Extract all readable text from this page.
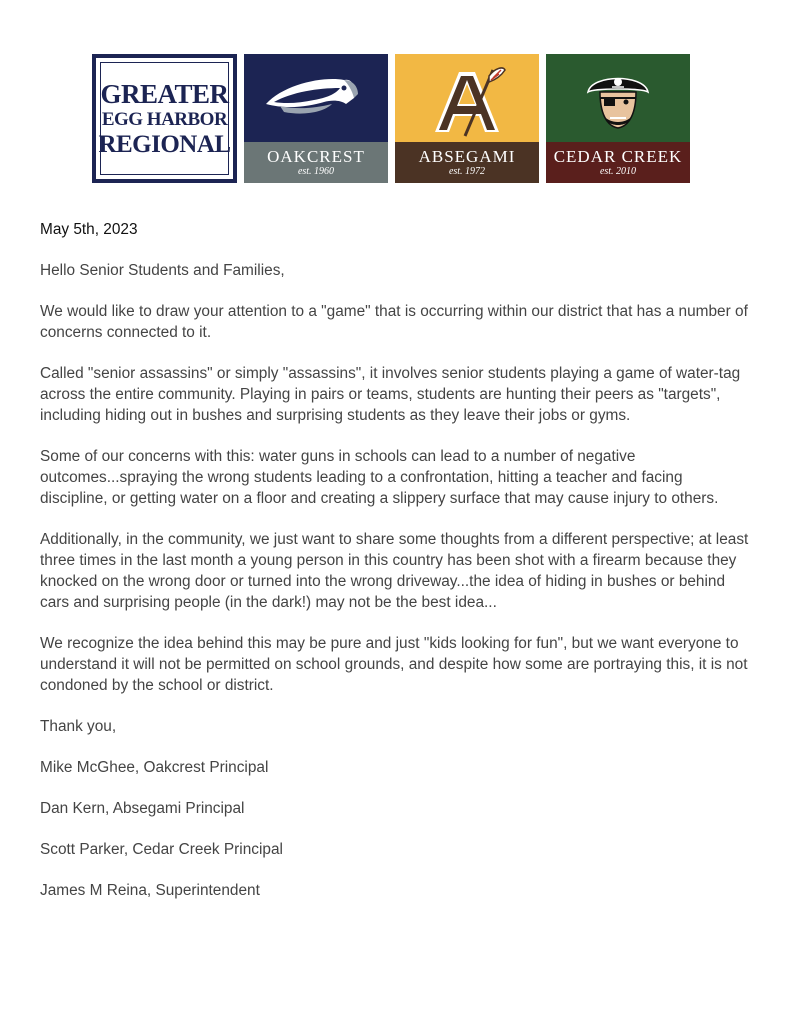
GREATER
EGG HARBOR
REGIONAL OAKCREST
est. 1960
ABSEGAMI
est. 1972
CEDAR CREEK
est. 2010

May 5th, 2023

Hello Senior Students and Families,

We would like to draw your attention to a "game" that is occurring within our district that has a number of concerns connected to it.

Called "senior assassins" or simply "assassins", it involves senior students playing a game of water-tag across the entire community. Playing in pairs or teams, students are hunting their peers as "targets", including hiding out in bushes and surprising students as they leave their jobs or gyms.

Some of our concerns with this: water guns in schools can lead to a number of negative outcomes...spraying the wrong students leading to a confrontation, hitting a teacher and facing discipline, or getting water on a floor and creating a slippery surface that may cause injury to others.

Additionally, in the community, we just want to share some thoughts from a different perspective; at least three times in the last month a young person in this country has been shot with a firearm because they knocked on the wrong door or turned into the wrong driveway...the idea of hiding in bushes or behind cars and surprising people (in the dark!) may not be the best idea...

We recognize the idea behind this may be pure and just "kids looking for fun", but we want everyone to understand it will not be permitted on school grounds, and despite how some are portraying this, it is not condoned by the school or district.

Thank you,

Mike McGhee, Oakcrest Principal

Dan Kern, Absegami Principal

Scott Parker, Cedar Creek Principal

James M Reina, Superintendent
